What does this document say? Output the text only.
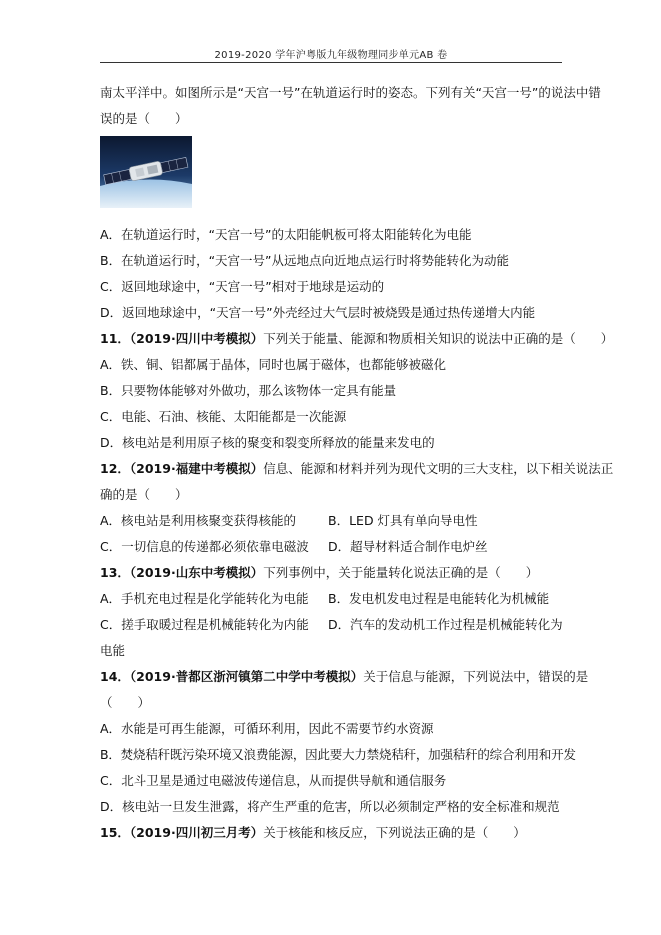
2019-2020 学年沪粤版九年级物理同步单元AB 卷
南太平洋中。如图所示是“天宫一号”在轨道运行时的姿态。下列有关“天宫一号”的说法中错
误的是（　　）
A．在轨道运行时，“天宫一号”的太阳能帆板可将太阳能转化为电能
B．在轨道运行时，“天宫一号”从远地点向近地点运行时将势能转化为动能
C．返回地球途中，“天宫一号”相对于地球是运动的
D．返回地球途中，“天宫一号”外壳经过大气层时被烧毁是通过热传递增大内能
11．（2019·四川中考模拟）下列关于能量、能源和物质相关知识的说法中正确的是（　　）
A．铁、铜、铝都属于晶体，同时也属于磁体，也都能够被磁化
B．只要物体能够对外做功，那么该物体一定具有能量
C．电能、石油、核能、太阳能都是一次能源
D．核电站是利用原子核的聚变和裂变所释放的能量来发电的
12．（2019·福建中考模拟）信息、能源和材料并列为现代文明的三大支柱，以下相关说法正
确的是（　　）
A．核电站是利用核聚变获得核能的	B．LED 灯具有单向导电性
C．一切信息的传递都必须依靠电磁波	D．超导材料适合制作电炉丝
13．（2019·山东中考模拟）下列事例中，关于能量转化说法正确的是（　　）
A．手机充电过程是化学能转化为电能	B．发电机发电过程是电能转化为机械能
C．搓手取暖过程是机械能转化为内能	D．汽车的发动机工作过程是机械能转化为
电能
14．（2019·普都区浙河镇第二中学中考模拟）关于信息与能源，下列说法中，错误的是
（　　）
A．水能是可再生能源，可循环利用，因此不需要节约水资源
B．焚烧秸秆既污染环境又浪费能源，因此要大力禁烧秸秆，加强秸秆的综合利用和开发
C．北斗卫星是通过电磁波传递信息，从而提供导航和通信服务
D．核电站一旦发生泄露，将产生严重的危害，所以必须制定严格的安全标准和规范
15．（2019·四川初三月考）关于核能和核反应，下列说法正确的是（　　）
